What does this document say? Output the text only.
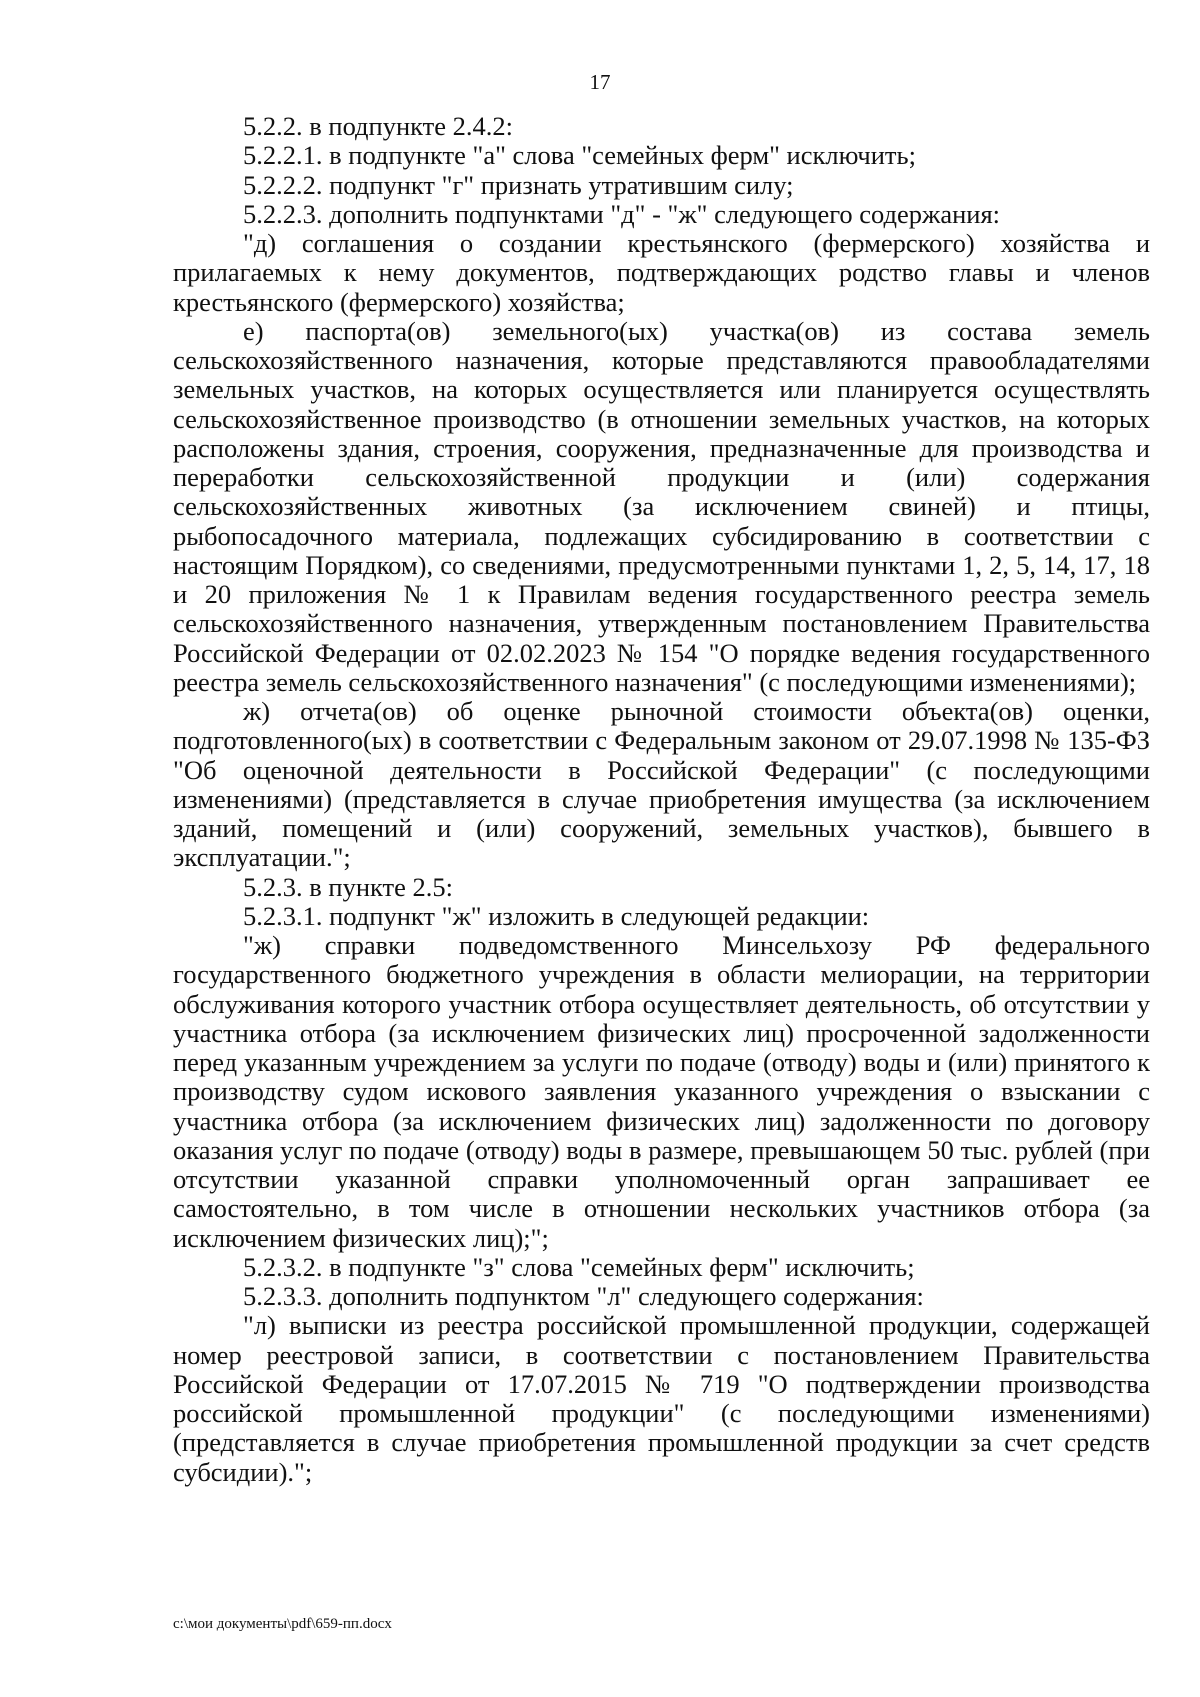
17

5.2.2. в подпункте 2.4.2:

5.2.2.1. в подпункте "а" слова "семейных ферм" исключить;

5.2.2.2. подпункт "г" признать утратившим силу;

5.2.2.3. дополнить подпунктами "д" - "ж" следующего содержания:

"д) соглашения о создании крестьянского (фермерского) хозяйства и прилагаемых к нему документов, подтверждающих родство главы и членов крестьянского (фермерского) хозяйства;

е) паспорта(ов) земельного(ых) участка(ов) из состава земель сельскохозяйственного назначения, которые представляются правообладателями земельных участков, на которых осуществляется или планируется осуществлять сельскохозяйственное производство (в отношении земельных участков, на которых расположены здания, строения, сооружения, предназначенные для производства и переработки сельскохозяйственной продукции и (или) содержания сельскохозяйственных животных (за исключением свиней) и птицы, рыбопосадочного материала, подлежащих субсидированию в соответствии с настоящим Порядком), со сведениями, предусмотренными пунктами 1, 2, 5, 14, 17, 18 и 20 приложения № 1 к Правилам ведения государственного реестра земель сельскохозяйственного назначения, утвержденным постановлением Правительства Российской Федерации от 02.02.2023 № 154 "О порядке ведения государственного реестра земель сельскохозяйственного назначения" (с последующими изменениями);

ж) отчета(ов) об оценке рыночной стоимости объекта(ов) оценки, подготовленного(ых) в соответствии с Федеральным законом от 29.07.1998 № 135-ФЗ "Об оценочной деятельности в Российской Федерации" (с последующими изменениями) (представляется в случае приобретения имущества (за исключением зданий, помещений и (или) сооружений, земельных участков), бывшего в эксплуатации.";

5.2.3. в пункте 2.5:

5.2.3.1. подпункт "ж" изложить в следующей редакции:

"ж) справки подведомственного Минсельхозу РФ федерального государственного бюджетного учреждения в области мелиорации, на территории обслуживания которого участник отбора осуществляет деятельность, об отсутствии у участника отбора (за исключением физических лиц) просроченной задолженности перед указанным учреждением за услуги по подаче (отводу) воды и (или) принятого к производству судом искового заявления указанного учреждения о взыскании с участника отбора (за исключением физических лиц) задолженности по договору оказания услуг по подаче (отводу) воды в размере, превышающем 50 тыс. рублей (при отсутствии указанной справки уполномоченный орган запрашивает ее самостоятельно, в том числе в отношении нескольких участников отбора (за исключением физических лиц);";

5.2.3.2. в подпункте "з" слова "семейных ферм" исключить;

5.2.3.3. дополнить подпунктом "л" следующего содержания:

"л) выписки из реестра российской промышленной продукции, содержащей номер реестровой записи, в соответствии с постановлением Правительства Российской Федерации от 17.07.2015 № 719 "О подтверждении производства российской промышленной продукции" (с последующими изменениями) (представляется в случае приобретения промышленной продукции за счет средств субсидии).";

c:\мои документы\pdf\659-пп.docx
